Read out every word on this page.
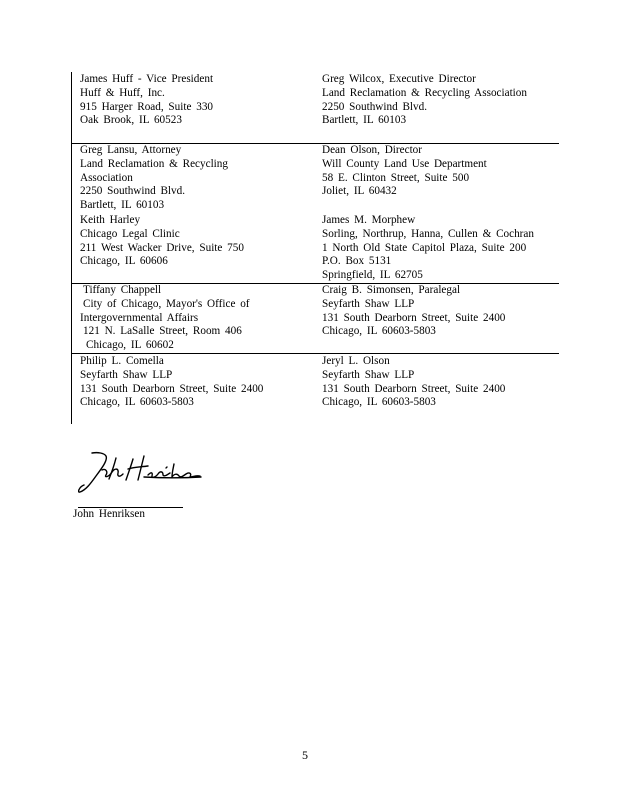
James Huff - Vice President
Huff & Huff, Inc.
915 Harger Road, Suite 330
Oak Brook, IL 60523
Greg Wilcox, Executive Director
Land Reclamation & Recycling Association
2250 Southwind Blvd.
Bartlett, IL 60103
Greg Lansu, Attorney
Land Reclamation & Recycling
Association
2250 Southwind Blvd.
Bartlett, IL 60103
Dean Olson, Director
Will County Land Use Department
58 E. Clinton Street, Suite 500
Joliet, IL 60432
Keith Harley
Chicago Legal Clinic
211 West Wacker Drive, Suite 750
Chicago, IL 60606
James M. Morphew
Sorling, Northrup, Hanna, Cullen & Cochran
1 North Old State Capitol Plaza, Suite 200
P.O. Box 5131
Springfield, IL 62705
Tiffany Chappell
City of Chicago, Mayor's Office of
Intergovernmental Affairs
121 N. LaSalle Street, Room 406
Chicago, IL 60602
Craig B. Simonsen, Paralegal
Seyfarth Shaw LLP
131 South Dearborn Street, Suite 2400
Chicago, IL 60603-5803
Philip L. Comella
Seyfarth Shaw LLP
131 South Dearborn Street, Suite 2400
Chicago, IL 60603-5803
Jeryl L. Olson
Seyfarth Shaw LLP
131 South Dearborn Street, Suite 2400
Chicago, IL 60603-5803
John Henriksen
5
